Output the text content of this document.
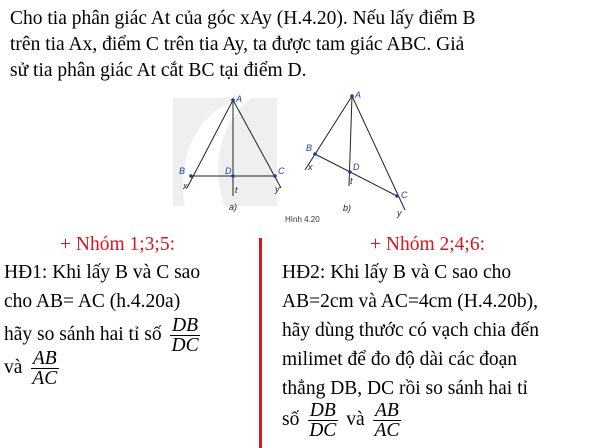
Cho tia phân giác At của góc xAy (H.4.20). Nếu lấy điểm B
trên tia Ax, điểm C trên tia Ay, ta được tam giác ABC. Giả
sử tia phân giác At cắt BC tại điểm D.
A
B	C
D
x	y
t
a)
A
B
C
D
x
y
t
b)
Hình 4.20
+ Nhóm 1;3;5:	+ Nhóm 2;4;6:
HĐ1: Khi lấy B và C sao
cho AB= AC (h.4.20a)
hãy so sánh hai tỉ số $\frac{DB}{DC}$
và $\frac{AB}{AC}$
HĐ2: Khi lấy B và C sao cho
AB=2cm và AC=4cm (H.4.20b),
hãy dùng thước có vạch chia đến
milimet để đo độ dài các đoạn
thẳng DB, DC rồi so sánh hai tỉ
số $\frac{DB}{DC}$ và $\frac{AB}{AC}$
